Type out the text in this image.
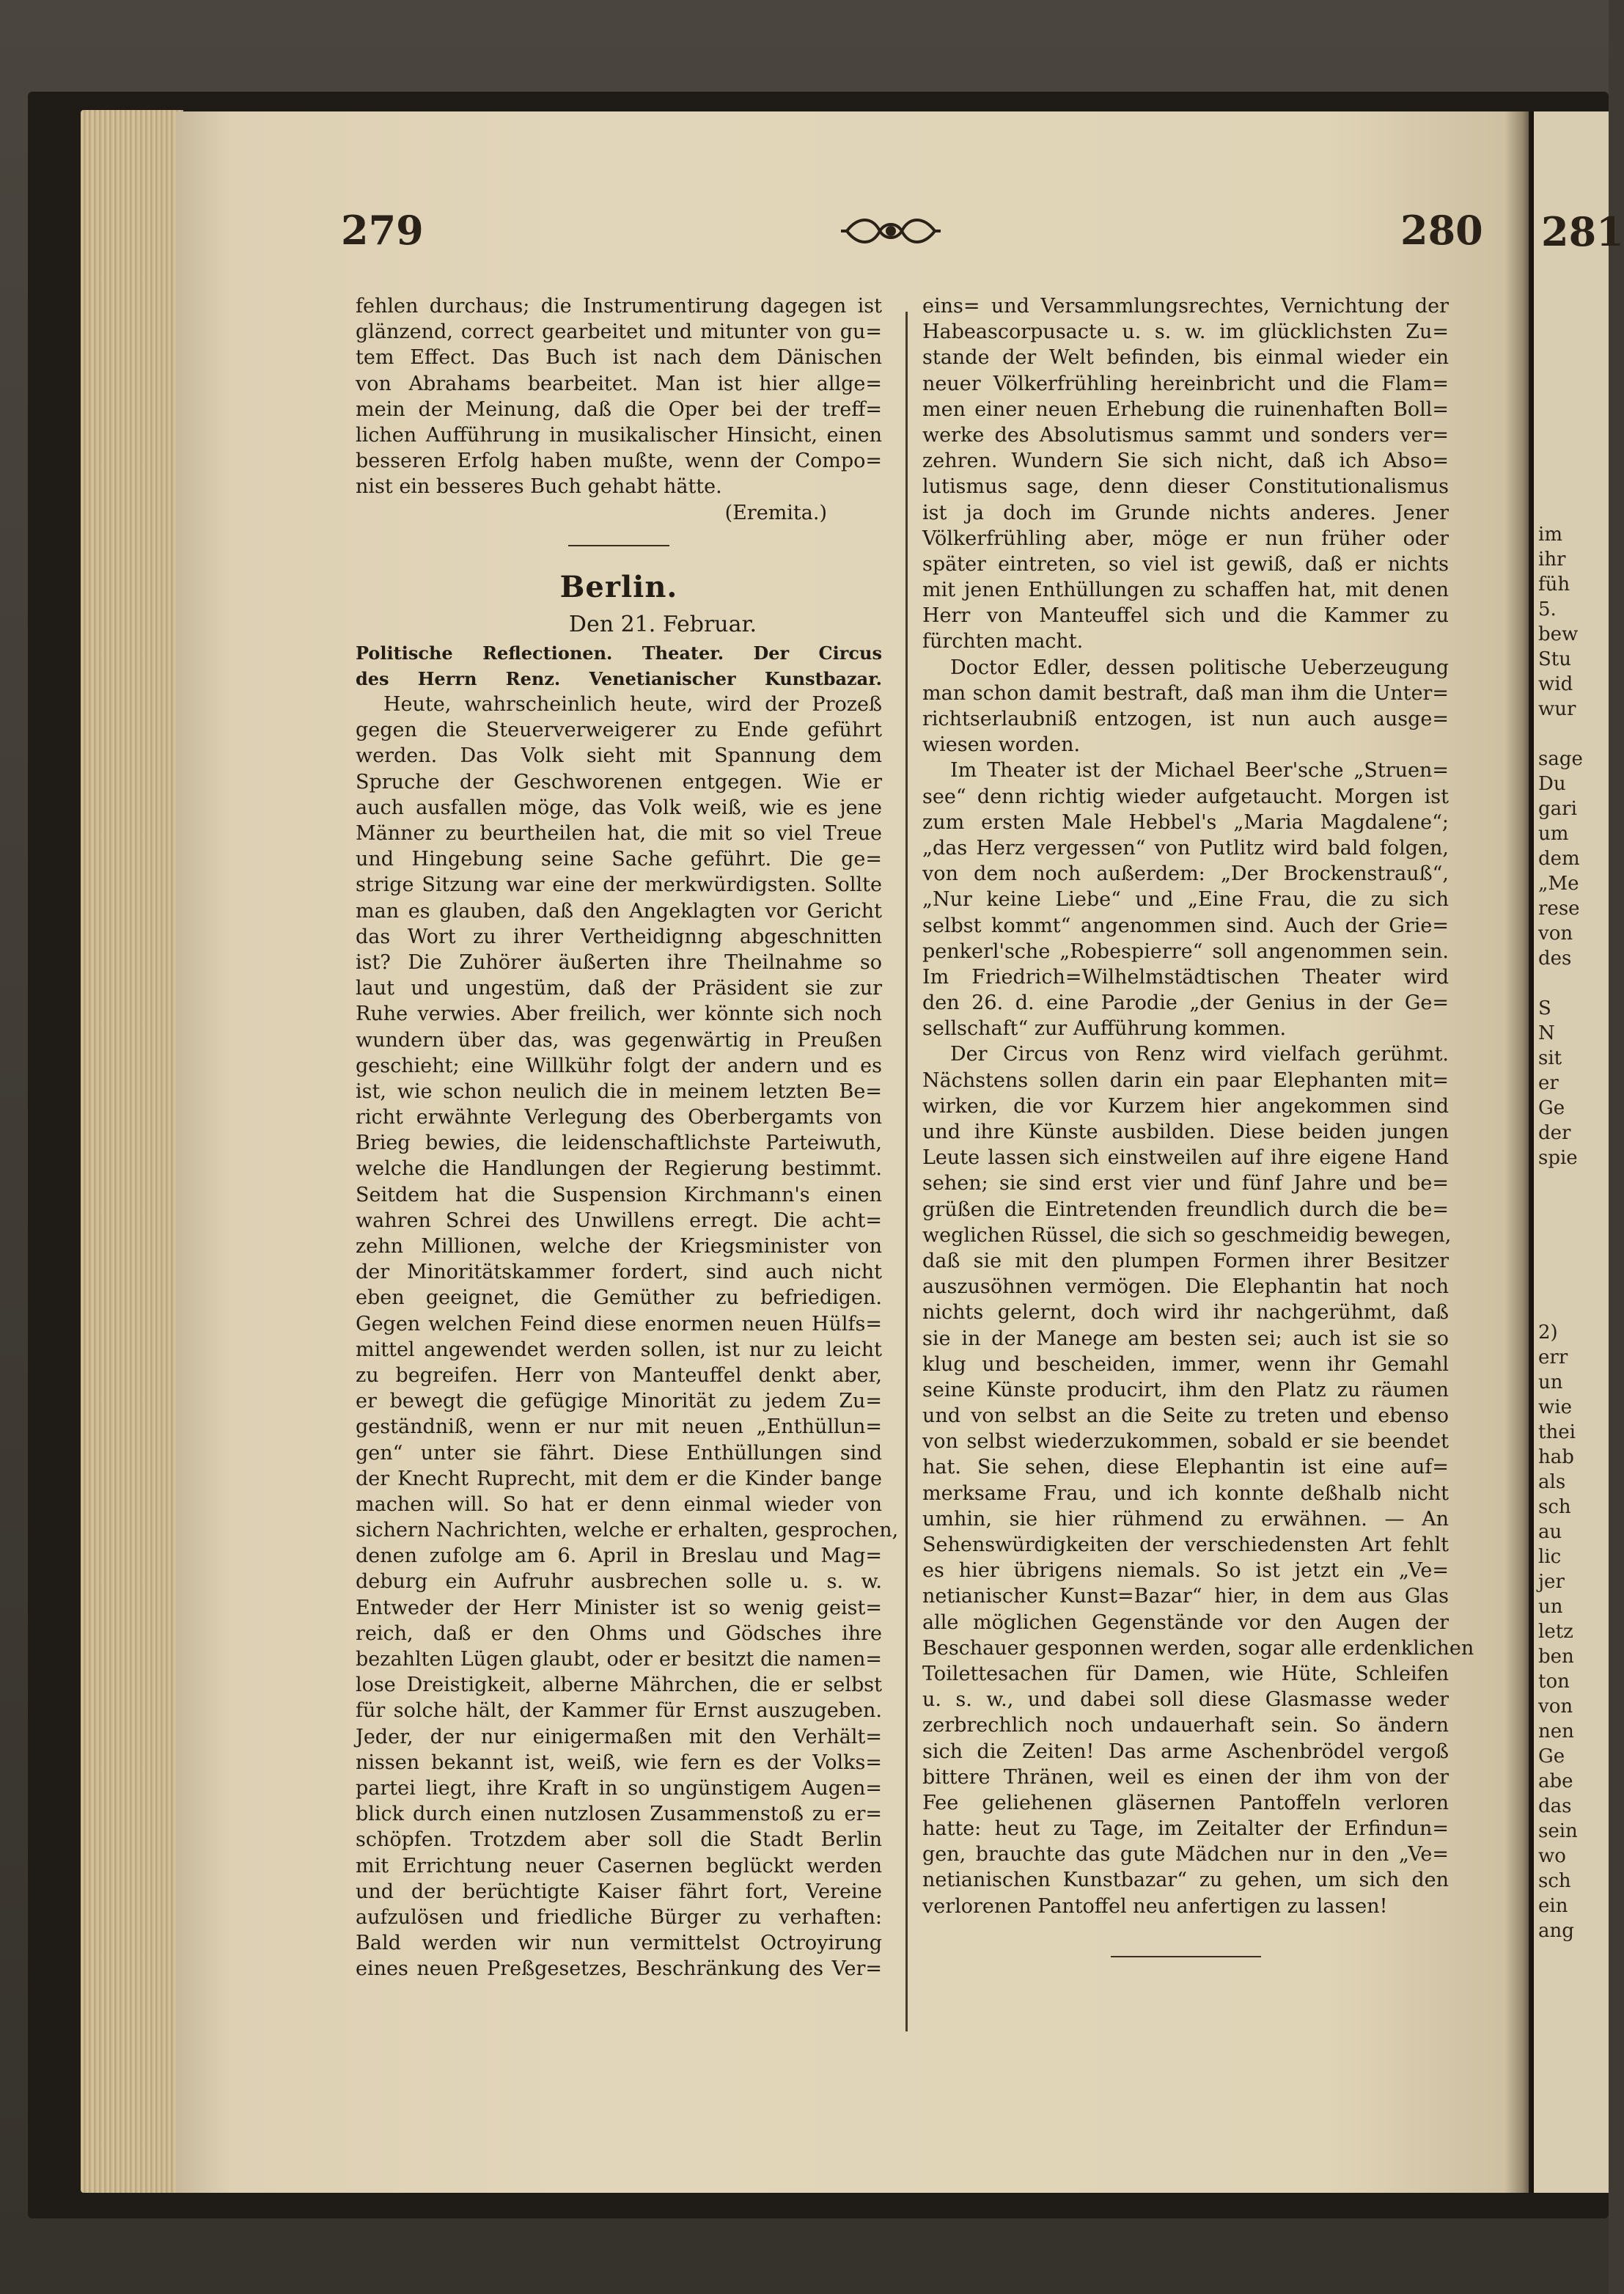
281
im
ihr
füh
5.
bew
Stu
wid
wur
sage
Du
gari
um
dem
„Me
rese
von
des
S
N
sit
er
Ge
der
spie
2)
err
un
wie
thei
hab
als
sch
au
lic
jer
un
letz
ben
ton
von
nen
Ge
abe
das
sein
wo
sch
ein
ang
279	280
fehlen durchaus; die Instrumentirung dagegen ist
glänzend, correct gearbeitet und mitunter von gu=
tem Effect. Das Buch ist nach dem Dänischen
von Abrahams bearbeitet. Man ist hier allge=
mein der Meinung, daß die Oper bei der treff=
lichen Aufführung in musikalischer Hinsicht, einen
besseren Erfolg haben mußte, wenn der Compo=
nist ein besseres Buch gehabt hätte.
(Eremita.)
Berlin.
Den 21. Februar.
Politische Reflectionen. Theater. Der Circus
des Herrn Renz. Venetianischer Kunstbazar.
Heute, wahrscheinlich heute, wird der Prozeß
gegen die Steuerverweigerer zu Ende geführt
werden. Das Volk sieht mit Spannung dem
Spruche der Geschworenen entgegen. Wie er
auch ausfallen möge, das Volk weiß, wie es jene
Männer zu beurtheilen hat, die mit so viel Treue
und Hingebung seine Sache geführt. Die ge=
strige Sitzung war eine der merkwürdigsten. Sollte
man es glauben, daß den Angeklagten vor Gericht
das Wort zu ihrer Vertheidignng abgeschnitten
ist? Die Zuhörer äußerten ihre Theilnahme so
laut und ungestüm, daß der Präsident sie zur
Ruhe verwies. Aber freilich, wer könnte sich noch
wundern über das, was gegenwärtig in Preußen
geschieht; eine Willkühr folgt der andern und es
ist, wie schon neulich die in meinem letzten Be=
richt erwähnte Verlegung des Oberbergamts von
Brieg bewies, die leidenschaftlichste Parteiwuth,
welche die Handlungen der Regierung bestimmt.
Seitdem hat die Suspension Kirchmann's einen
wahren Schrei des Unwillens erregt. Die acht=
zehn Millionen, welche der Kriegsminister von
der Minoritätskammer fordert, sind auch nicht
eben geeignet, die Gemüther zu befriedigen.
Gegen welchen Feind diese enormen neuen Hülfs=
mittel angewendet werden sollen, ist nur zu leicht
zu begreifen. Herr von Manteuffel denkt aber,
er bewegt die gefügige Minorität zu jedem Zu=
geständniß, wenn er nur mit neuen „Enthüllun=
gen“ unter sie fährt. Diese Enthüllungen sind
der Knecht Ruprecht, mit dem er die Kinder bange
machen will. So hat er denn einmal wieder von
sichern Nachrichten, welche er erhalten, gesprochen,
denen zufolge am 6. April in Breslau und Mag=
deburg ein Aufruhr ausbrechen solle u. s. w.
Entweder der Herr Minister ist so wenig geist=
reich, daß er den Ohms und Gödsches ihre
bezahlten Lügen glaubt, oder er besitzt die namen=
lose Dreistigkeit, alberne Mährchen, die er selbst
für solche hält, der Kammer für Ernst auszugeben.
Jeder, der nur einigermaßen mit den Verhält=
nissen bekannt ist, weiß, wie fern es der Volks=
partei liegt, ihre Kraft in so ungünstigem Augen=
blick durch einen nutzlosen Zusammenstoß zu er=
schöpfen. Trotzdem aber soll die Stadt Berlin
mit Errichtung neuer Casernen beglückt werden
und der berüchtigte Kaiser fährt fort, Vereine
aufzulösen und friedliche Bürger zu verhaften:
Bald werden wir nun vermittelst Octroyirung
eines neuen Preßgesetzes, Beschränkung des Ver=
eins= und Versammlungsrechtes, Vernichtung der
Habeascorpusacte u. s. w. im glücklichsten Zu=
stande der Welt befinden, bis einmal wieder ein
neuer Völkerfrühling hereinbricht und die Flam=
men einer neuen Erhebung die ruinenhaften Boll=
werke des Absolutismus sammt und sonders ver=
zehren. Wundern Sie sich nicht, daß ich Abso=
lutismus sage, denn dieser Constitutionalismus
ist ja doch im Grunde nichts anderes. Jener
Völkerfrühling aber, möge er nun früher oder
später eintreten, so viel ist gewiß, daß er nichts
mit jenen Enthüllungen zu schaffen hat, mit denen
Herr von Manteuffel sich und die Kammer zu
fürchten macht.
Doctor Edler, dessen politische Ueberzeugung
man schon damit bestraft, daß man ihm die Unter=
richtserlaubniß entzogen, ist nun auch ausge=
wiesen worden.
Im Theater ist der Michael Beer'sche „Struen=
see“ denn richtig wieder aufgetaucht. Morgen ist
zum ersten Male Hebbel's „Maria Magdalene“;
„das Herz vergessen“ von Putlitz wird bald folgen,
von dem noch außerdem: „Der Brockenstrauß“,
„Nur keine Liebe“ und „Eine Frau, die zu sich
selbst kommt“ angenommen sind. Auch der Grie=
penkerl'sche „Robespierre“ soll angenommen sein.
Im Friedrich=Wilhelmstädtischen Theater wird
den 26. d. eine Parodie „der Genius in der Ge=
sellschaft“ zur Aufführung kommen.
Der Circus von Renz wird vielfach gerühmt.
Nächstens sollen darin ein paar Elephanten mit=
wirken, die vor Kurzem hier angekommen sind
und ihre Künste ausbilden. Diese beiden jungen
Leute lassen sich einstweilen auf ihre eigene Hand
sehen; sie sind erst vier und fünf Jahre und be=
grüßen die Eintretenden freundlich durch die be=
weglichen Rüssel, die sich so geschmeidig bewegen,
daß sie mit den plumpen Formen ihrer Besitzer
auszusöhnen vermögen. Die Elephantin hat noch
nichts gelernt, doch wird ihr nachgerühmt, daß
sie in der Manege am besten sei; auch ist sie so
klug und bescheiden, immer, wenn ihr Gemahl
seine Künste producirt, ihm den Platz zu räumen
und von selbst an die Seite zu treten und ebenso
von selbst wiederzukommen, sobald er sie beendet
hat. Sie sehen, diese Elephantin ist eine auf=
merksame Frau, und ich konnte deßhalb nicht
umhin, sie hier rühmend zu erwähnen. — An
Sehenswürdigkeiten der verschiedensten Art fehlt
es hier übrigens niemals. So ist jetzt ein „Ve=
netianischer Kunst=Bazar“ hier, in dem aus Glas
alle möglichen Gegenstände vor den Augen der
Beschauer gesponnen werden, sogar alle erdenklichen
Toilettesachen für Damen, wie Hüte, Schleifen
u. s. w., und dabei soll diese Glasmasse weder
zerbrechlich noch undauerhaft sein. So ändern
sich die Zeiten! Das arme Aschenbrödel vergoß
bittere Thränen, weil es einen der ihm von der
Fee geliehenen gläsernen Pantoffeln verloren
hatte: heut zu Tage, im Zeitalter der Erfindun=
gen, brauchte das gute Mädchen nur in den „Ve=
netianischen Kunstbazar“ zu gehen, um sich den
verlorenen Pantoffel neu anfertigen zu lassen!
